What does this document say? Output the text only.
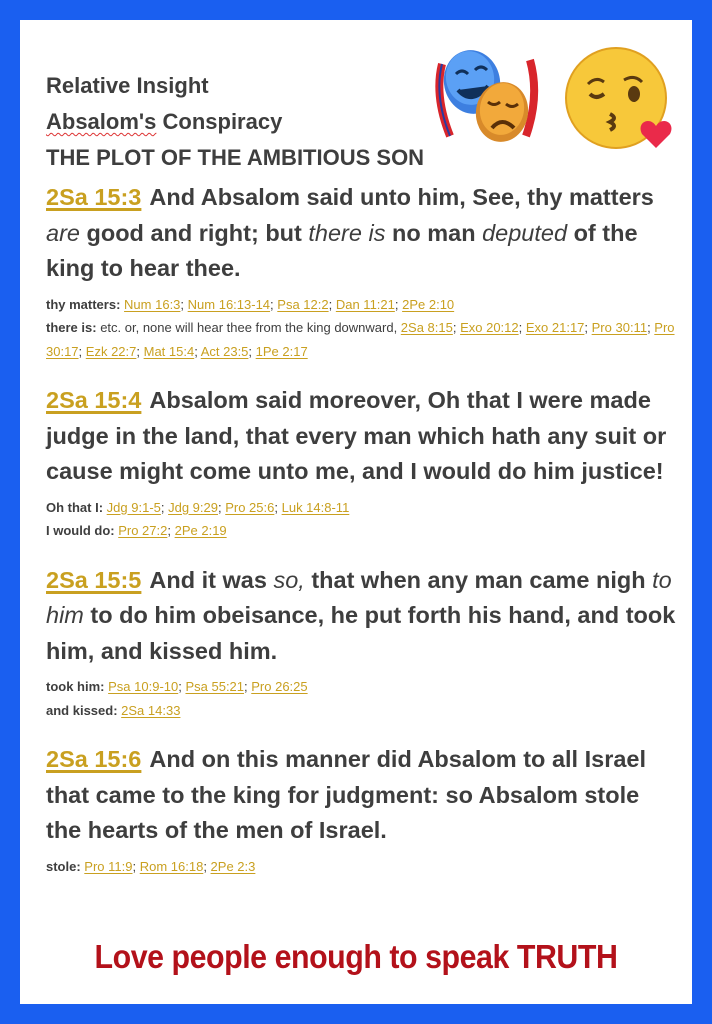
Relative Insight
Absalom's Conspiracy
THE PLOT OF THE AMBITIOUS SON
2Sa 15:3 And Absalom said unto him, See, thy matters are good and right; but there is no man deputed of the king to hear thee.
thy matters: Num 16:3; Num 16:13-14; Psa 12:2; Dan 11:21; 2Pe 2:10
there is: etc. or, none will hear thee from the king downward, 2Sa 8:15; Exo 20:12; Exo 21:17; Pro 30:11; Pro 30:17; Ezk 22:7; Mat 15:4; Act 23:5; 1Pe 2:17
2Sa 15:4 Absalom said moreover, Oh that I were made judge in the land, that every man which hath any suit or cause might come unto me, and I would do him justice!
Oh that I: Jdg 9:1-5; Jdg 9:29; Pro 25:6; Luk 14:8-11
I would do: Pro 27:2; 2Pe 2:19
2Sa 15:5 And it was so, that when any man came nigh to him to do him obeisance, he put forth his hand, and took him, and kissed him.
took him: Psa 10:9-10; Psa 55:21; Pro 26:25
and kissed: 2Sa 14:33
2Sa 15:6 And on this manner did Absalom to all Israel that came to the king for judgment: so Absalom stole the hearts of the men of Israel.
stole: Pro 11:9; Rom 16:18; 2Pe 2:3
Love people enough to speak TRUTH
